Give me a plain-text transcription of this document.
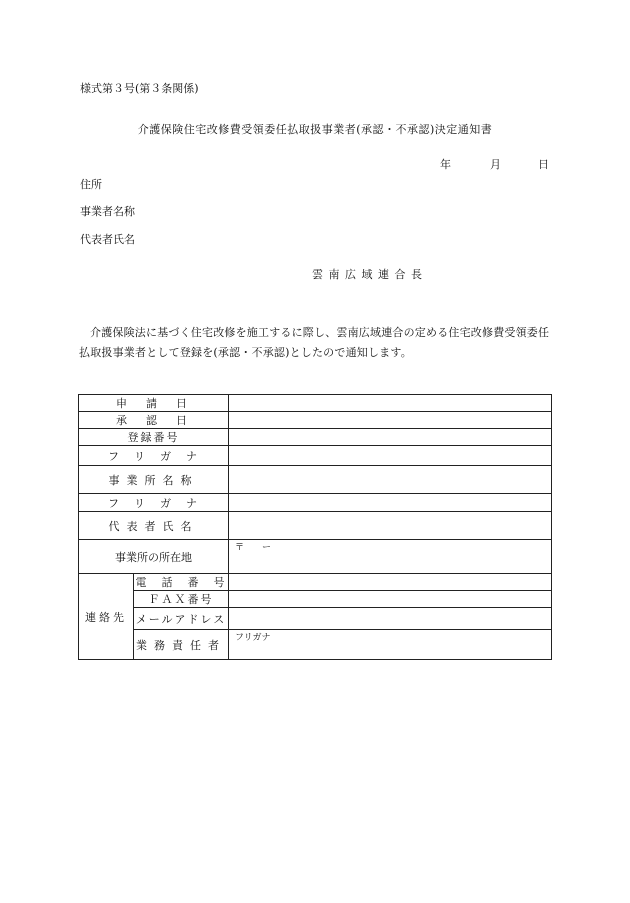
様式第３号(第３条関係)
介護保険住宅改修費受領委任払取扱事業者(承認・不承認)決定通知書
年	月	日
住所
事業者名称
代表者氏名
雲南広域連合長
介護保険法に基づく住宅改修を施工するに際し、雲南広域連合の定める住宅改修費受領委任払取扱事業者として登録を(承認・不承認)としたので通知します。
申　請　日		
承　認　日		
登録番号		
フ　リ　ガ　ナ		
事業所名称		
フ　リ　ガ　ナ		
代表者氏名		
事業所の所在地		〒　　ー
連絡先	電　話　番　号	
	ＦＡＸ番号	
	メールアドレス	
	業務責任者	フリガナ
